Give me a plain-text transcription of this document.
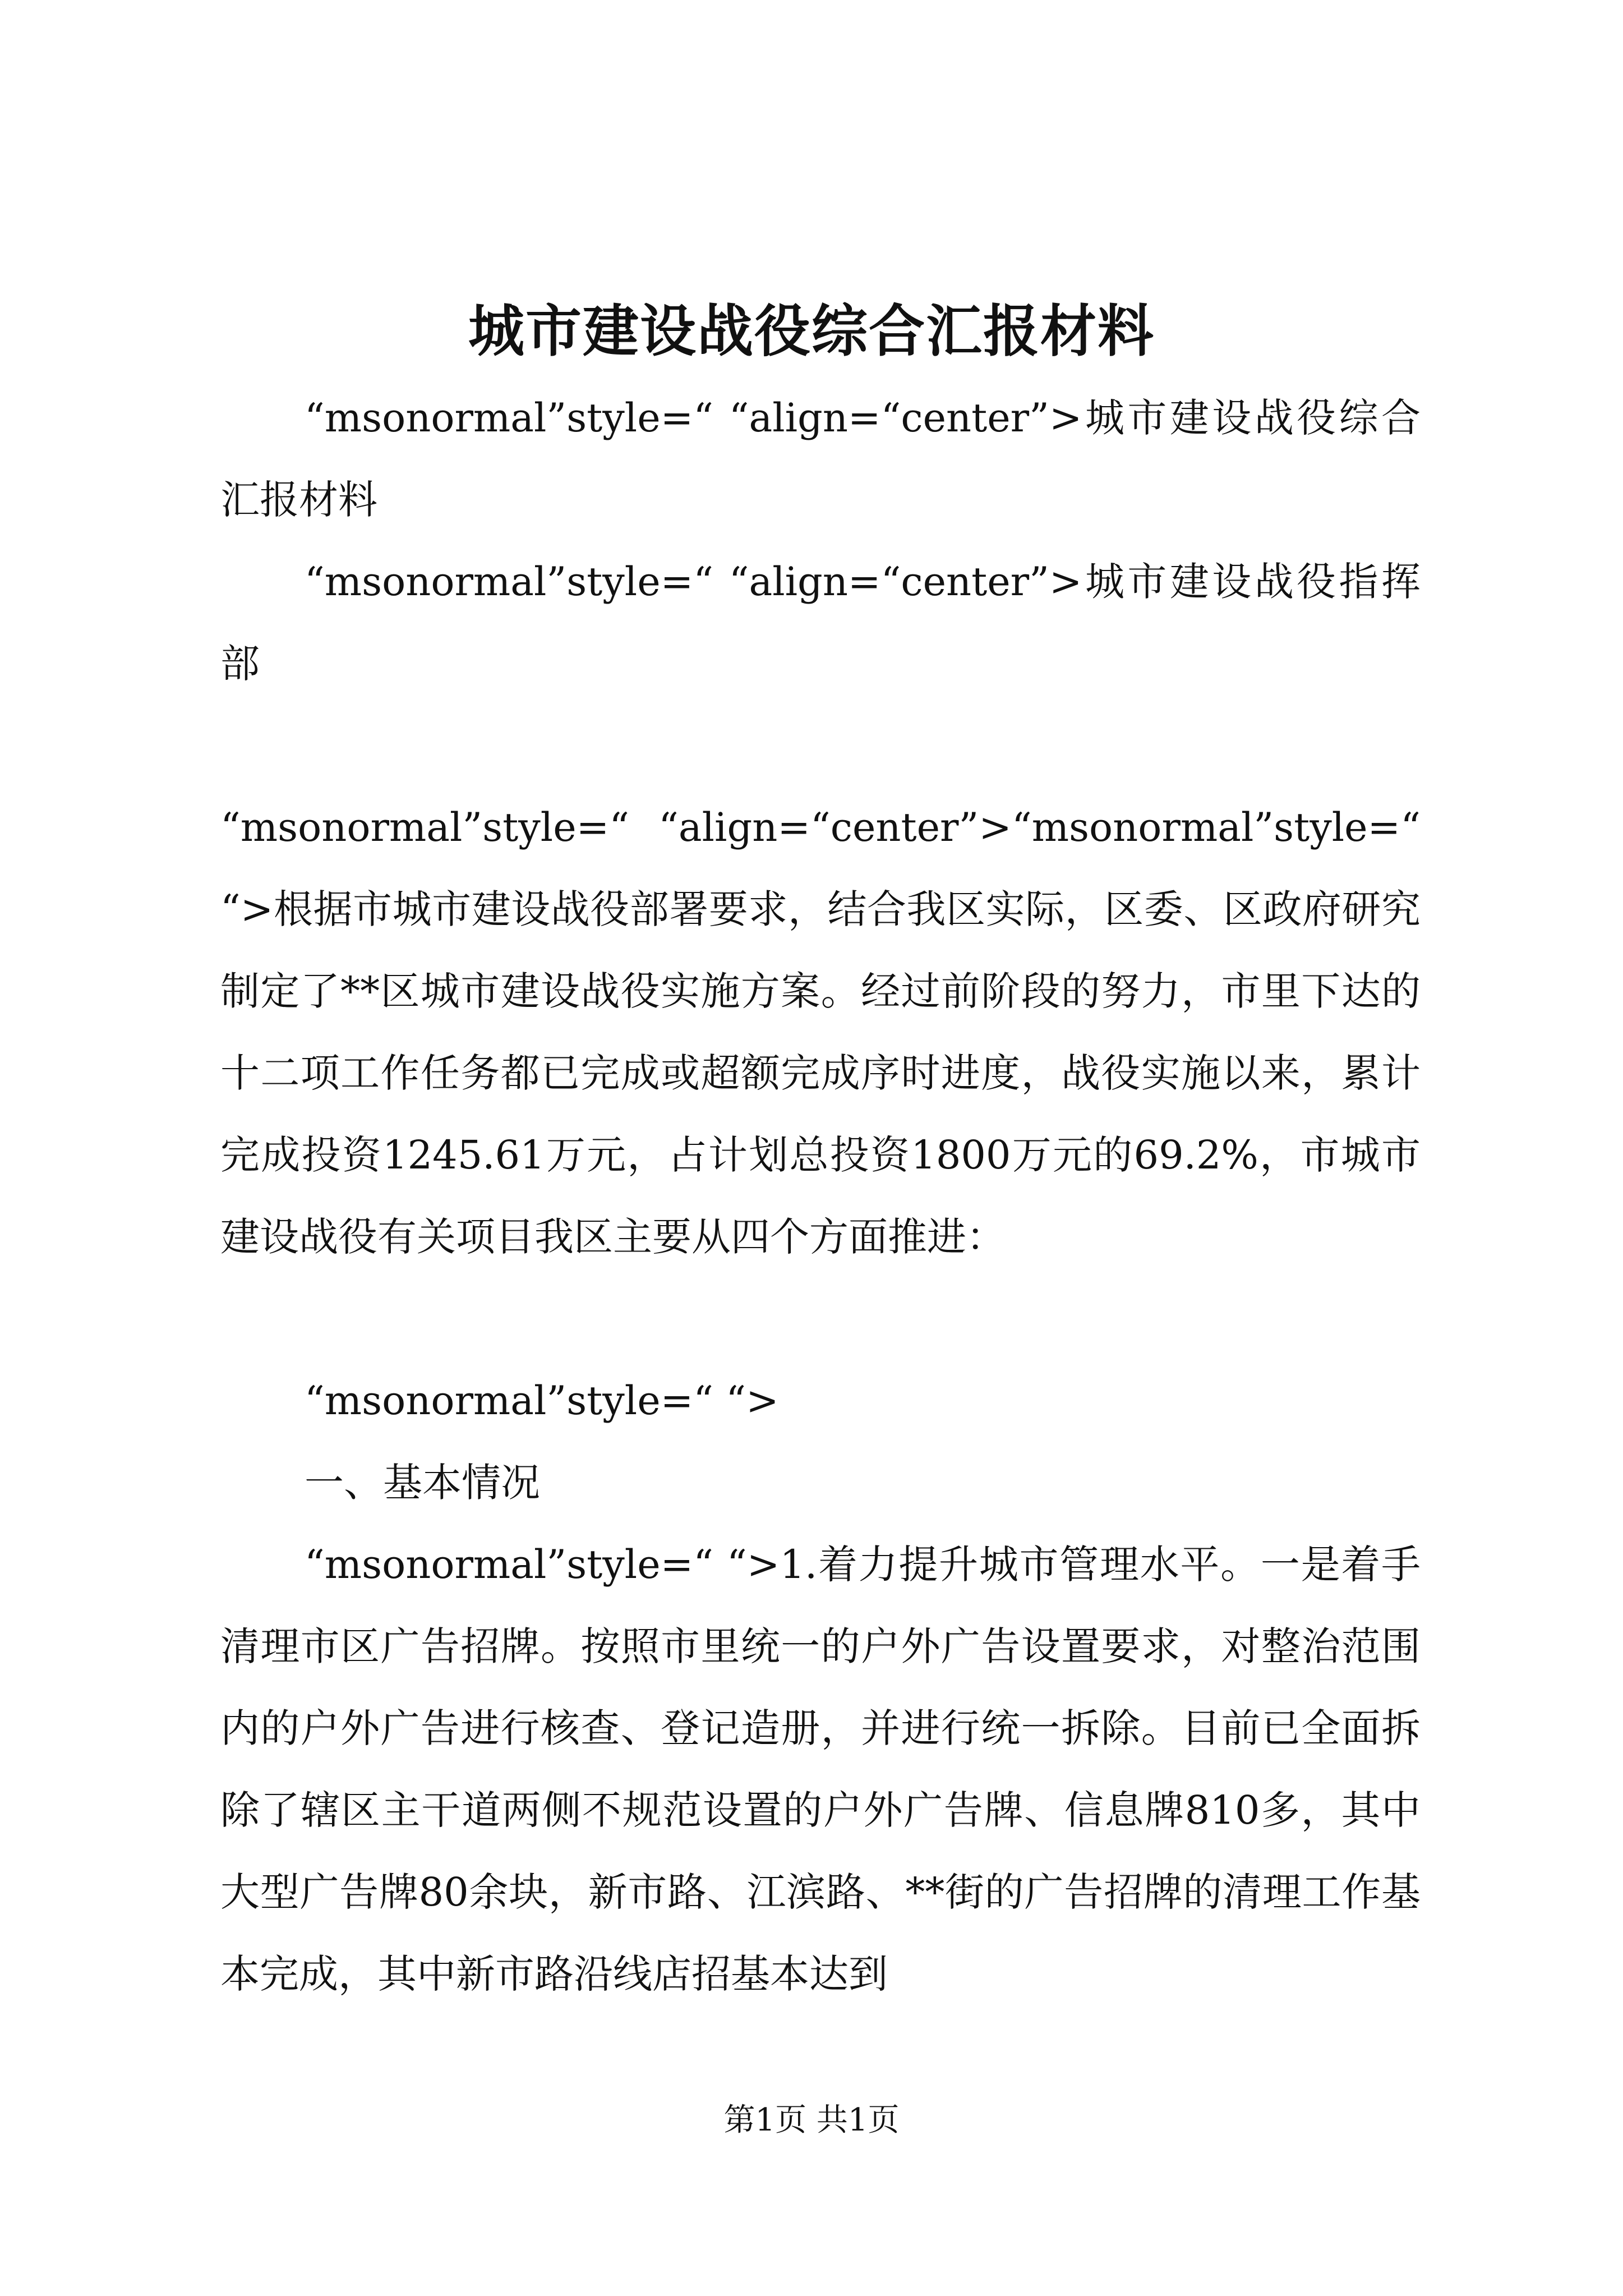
城市建设战役综合汇报材料

“msonormal”style=“ “align=“center”>城市建设战役综合汇报材料

“msonormal”style=“ “align=“center”>城市建设战役指挥部

“msonormal”style=“ “align=“center”>“msonormal”style=“ “>根据市城市建设战役部署要求，结合我区实际，区委、区政府研究制定了**区城市建设战役实施方案。经过前阶段的努力，市里下达的十二项工作任务都已完成或超额完成序时进度，战役实施以来，累计完成投资1245.61万元，占计划总投资1800万元的69.2%，市城市建设战役有关项目我区主要从四个方面推进：

“msonormal”style=“ “>

一、基本情况

“msonormal”style=“ “>1.着力提升城市管理水平。一是着手清理市区广告招牌。按照市里统一的户外广告设置要求，对整治范围内的户外广告进行核查、登记造册，并进行统一拆除。目前已全面拆除了辖区主干道两侧不规范设置的户外广告牌、信息牌810多，其中大型广告牌80余块，新市路、江滨路、**街的广告招牌的清理工作基本完成，其中新市路沿线店招基本达到

第1页 共1页
